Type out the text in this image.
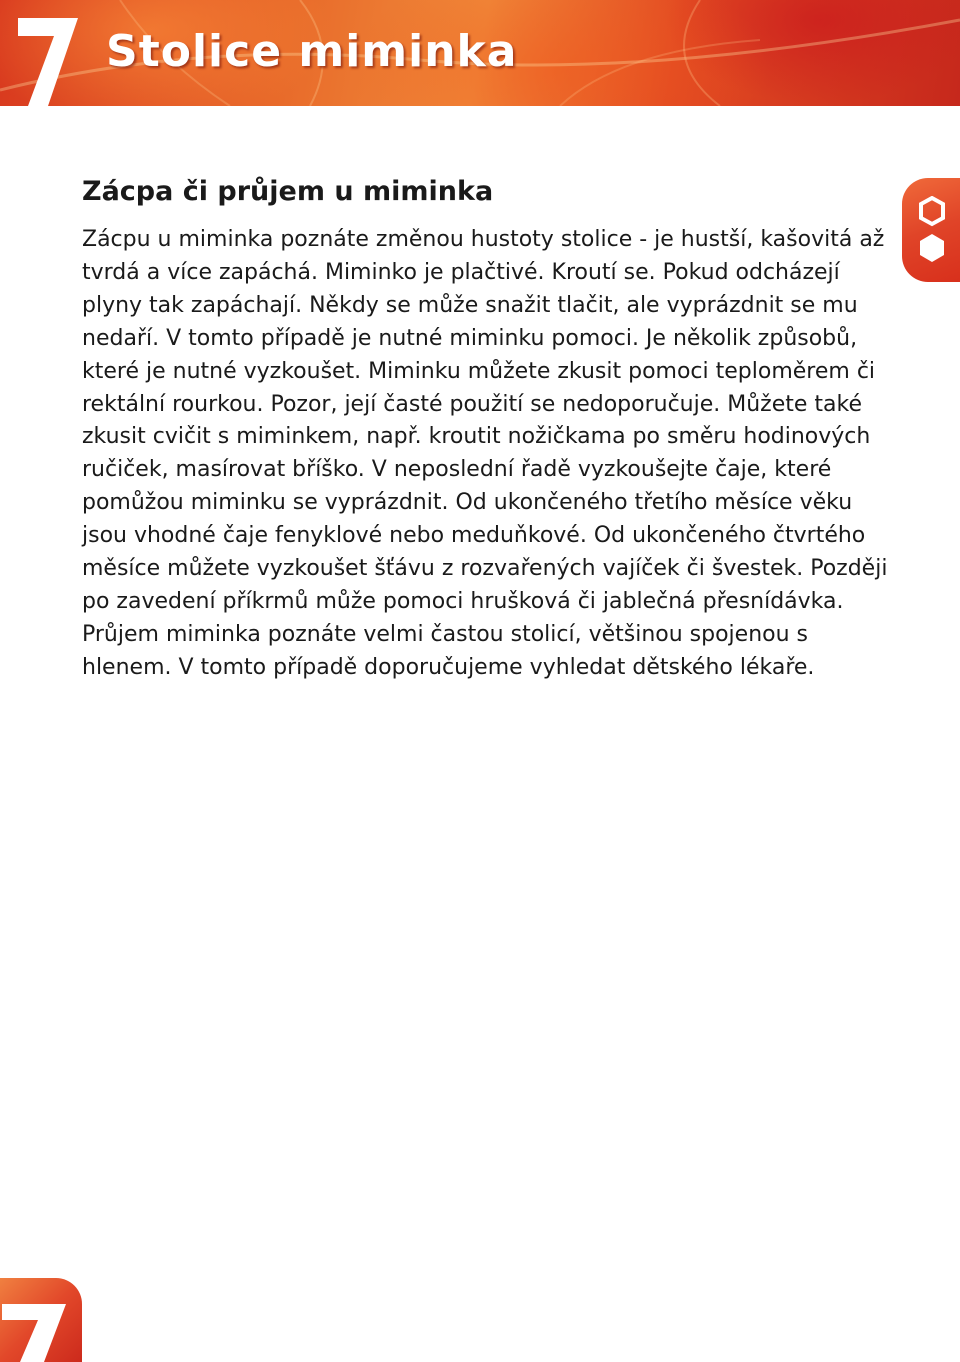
Stolice miminka
Zácpa či průjem u miminka

Zácpu u miminka poznáte změnou hustoty stolice - je hustší, kašovitá až tvrdá a více zapáchá. Miminko je plačtivé. Kroutí se. Pokud odcházejí plyny tak zapáchají. Někdy se může snažit tlačit, ale vyprázdnit se mu nedaří. V tomto případě je nutné miminku pomoci. Je několik způsobů, které je nutné vyzkoušet. Miminku můžete zkusit pomoci teploměrem či rektální rourkou. Pozor, její časté použití se nedoporučuje. Můžete také zkusit cvičit s miminkem, např. kroutit nožičkama po směru hodinových ručiček, masírovat bříško. V neposlední řadě vyzkoušejte čaje, které pomůžou miminku se vyprázdnit. Od ukončeného třetího měsíce věku jsou vhodné čaje fenyklové nebo meduňkové. Od ukončeného čtvrtého měsíce můžete vyzkoušet šťávu z rozvařených vajíček či švestek. Později po zavedení příkrmů může pomoci hrušková či jablečná přesnídávka.

Průjem miminka poznáte velmi častou stolicí, většinou spojenou s hlenem. V tomto případě doporučujeme vyhledat dětského lékaře.
